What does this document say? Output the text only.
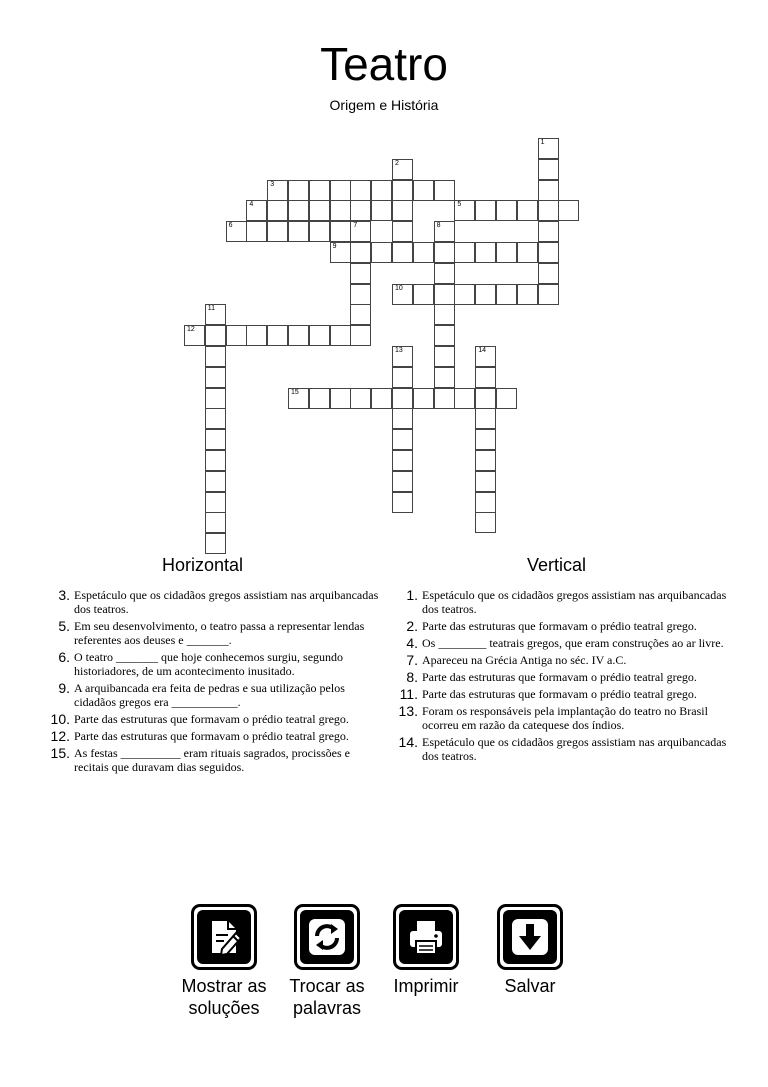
Teatro
Origem e História
1
2
3
4	5
6	7	8
9
10
11
12
13	14
15
Horizontal	Vertical
3. Espetáculo que os cidadãos gregos assistiam nas arquibancadas dos teatros.
5. Em seu desenvolvimento, o teatro passa a representar lendas referentes aos deuses e _______.
6. O teatro _______ que hoje conhecemos surgiu, segundo historiadores, de um acontecimento inusitado.
9. A arquibancada era feita de pedras e sua utilização pelos cidadãos gregos era ___________.
10. Parte das estruturas que formavam o prédio teatral grego.
12. Parte das estruturas que formavam o prédio teatral grego.
15. As festas __________ eram rituais sagrados, procissões e recitais que duravam dias seguidos.
1. Espetáculo que os cidadãos gregos assistiam nas arquibancadas dos teatros.
2. Parte das estruturas que formavam o prédio teatral grego.
4. Os ________ teatrais gregos, que eram construções ao ar livre.
7. Apareceu na Grécia Antiga no séc. IV a.C.
8. Parte das estruturas que formavam o prédio teatral grego.
11. Parte das estruturas que formavam o prédio teatral grego.
13. Foram os responsáveis pela implantação do teatro no Brasil ocorreu em razão da catequese dos índios.
14. Espetáculo que os cidadãos gregos assistiam nas arquibancadas dos teatros.
Mostrar as
soluções
Trocar as
palavras
Imprimir	Salvar
